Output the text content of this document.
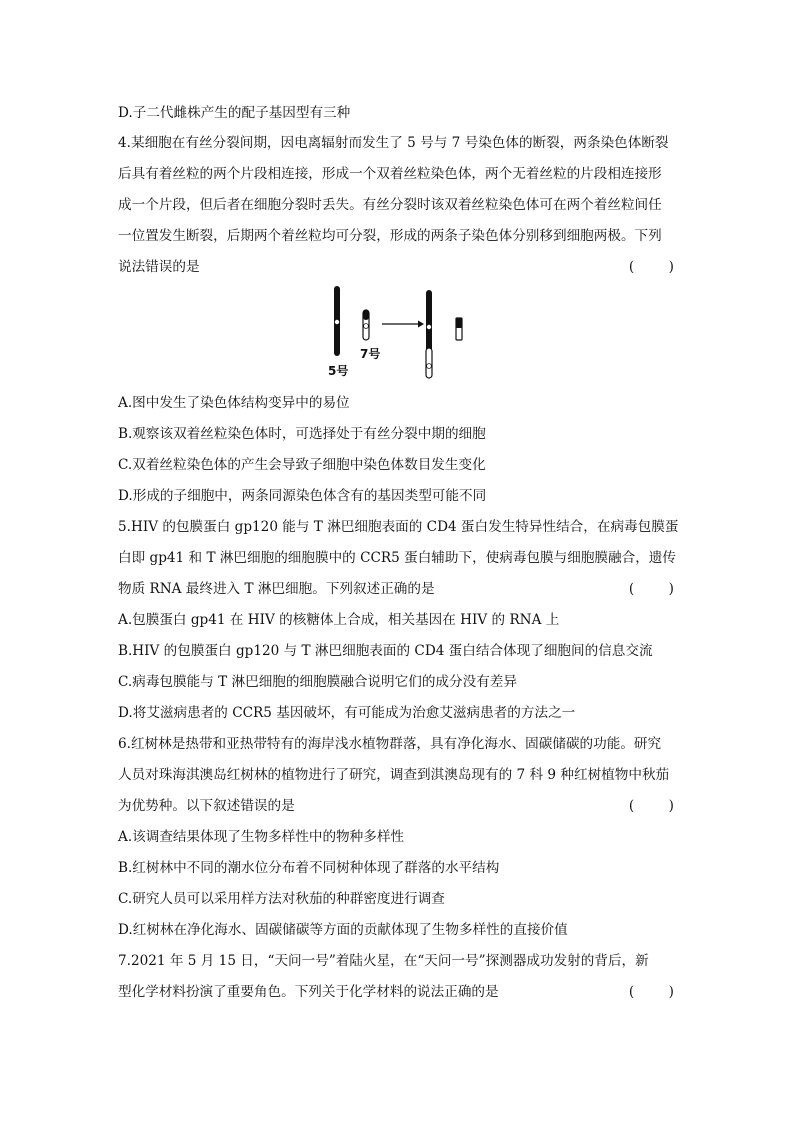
D.子二代雌株产生的配子基因型有三种
4.某细胞在有丝分裂间期，因电离辐射而发生了 5 号与 7 号染色体的断裂，两条染色体断裂
后具有着丝粒的两个片段相连接，形成一个双着丝粒染色体，两个无着丝粒的片段相连接形
成一个片段，但后者在细胞分裂时丢失。有丝分裂时该双着丝粒染色体可在两个着丝粒间任
一位置发生断裂，后期两个着丝粒均可分裂，形成的两条子染色体分别移到细胞两极。下列
说法错误的是	(        )
A.图中发生了染色体结构变异中的易位
B.观察该双着丝粒染色体时，可选择处于有丝分裂中期的细胞
C.双着丝粒染色体的产生会导致子细胞中染色体数目发生变化
D.形成的子细胞中，两条同源染色体含有的基因类型可能不同
5.HIV 的包膜蛋白 gp120 能与 T 淋巴细胞表面的 CD4 蛋白发生特异性结合，在病毒包膜蛋
白即 gp41 和 T 淋巴细胞的细胞膜中的 CCR5 蛋白辅助下，使病毒包膜与细胞膜融合，遗传
物质 RNA 最终进入 T 淋巴细胞。下列叙述正确的是	(        )
A.包膜蛋白 gp41 在 HIV 的核糖体上合成，相关基因在 HIV 的 RNA 上
B.HIV 的包膜蛋白 gp120 与 T 淋巴细胞表面的 CD4 蛋白结合体现了细胞间的信息交流
C.病毒包膜能与 T 淋巴细胞的细胞膜融合说明它们的成分没有差异
D.将艾滋病患者的 CCR5 基因破坏，有可能成为治愈艾滋病患者的方法之一
6.红树林是热带和亚热带特有的海岸浅水植物群落，具有净化海水、固碳储碳的功能。研究
人员对珠海淇澳岛红树林的植物进行了研究，调查到淇澳岛现有的 7 科 9 种红树植物中秋茄
为优势种。以下叙述错误的是	(        )
A.该调查结果体现了生物多样性中的物种多样性
B.红树林中不同的潮水位分布着不同树种体现了群落的水平结构
C.研究人员可以采用样方法对秋茄的种群密度进行调查
D.红树林在净化海水、固碳储碳等方面的贡献体现了生物多样性的直接价值
7.2021 年 5 月 15 日，“天问一号”着陆火星，在“天问一号”探测器成功发射的背后，新
型化学材料扮演了重要角色。下列关于化学材料的说法正确的是	(        )
5号
7号
